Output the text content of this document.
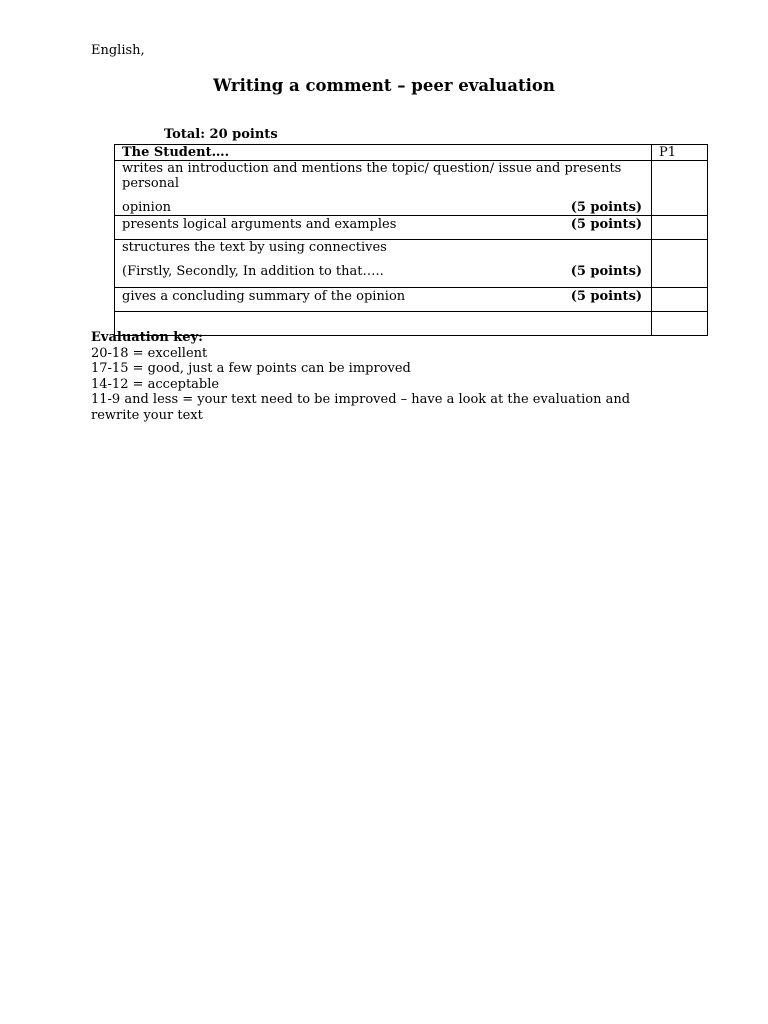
English,
Writing a comment – peer evaluation
Total: 20 points
The Student….	P1

writes an introduction and mentions the topic/ question/ issue and presents personal
opinion (5 points)	

presents logical arguments and examples (5 points)	

structures the text by using connectives
(Firstly, Secondly, In addition to that….. (5 points)	

gives a concluding summary of the opinion (5 points)	

Evaluation key:
20-18 = excellent
17-15 = good, just a few points can be improved
14-12 = acceptable
11-9 and less = your text need to be improved – have a look at the evaluation and rewrite your text
